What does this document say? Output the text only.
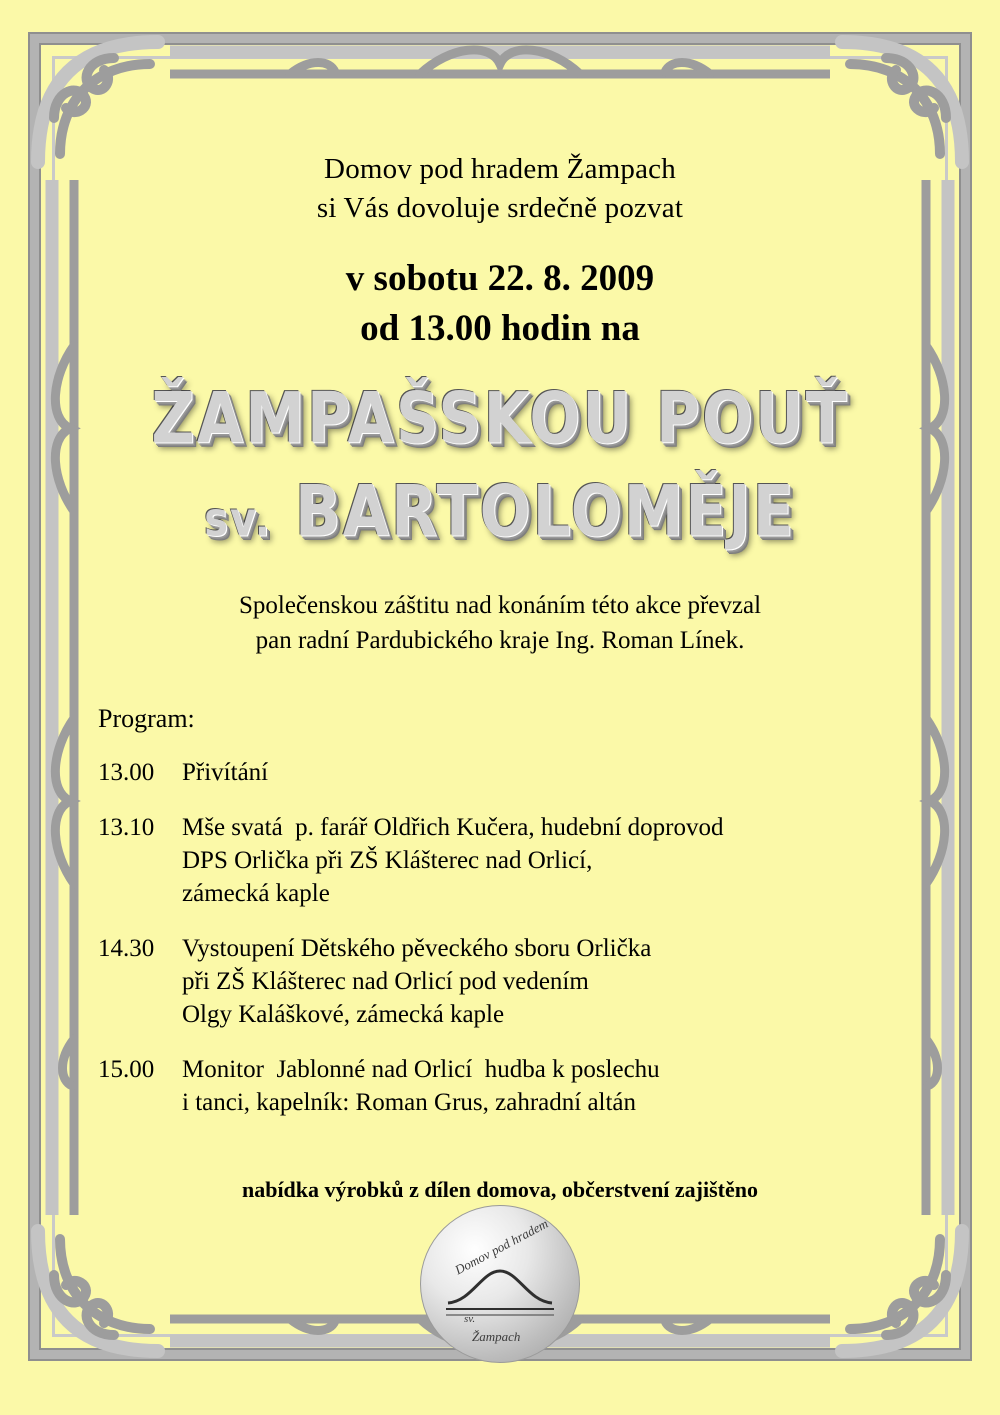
Domov pod hradem Žampach
si Vás dovoluje srdečně pozvat
v sobotu 22. 8. 2009
od 13.00 hodin na
ŽAMPAŠSKOU POUŤ
sv. BARTOLOMĚJE
Společenskou záštitu nad konáním této akce převzal
pan radní Pardubického kraje Ing. Roman Línek.
Program:
13.00	Přivítání
13.10	Mše svatá  p. farář Oldřich Kučera, hudební doprovod
DPS Orlička při ZŠ Klášterec nad Orlicí,
zámecká kaple
14.30	Vystoupení Dětského pěveckého sboru Orlička
při ZŠ Klášterec nad Orlicí pod vedením
Olgy Kaláškové, zámecká kaple
15.00	Monitor  Jablonné nad Orlicí  hudba k poslechu
i tanci, kapelník: Roman Grus, zahradní altán
nabídka výrobků z dílen domova, občerstvení zajištěno
Domov pod hradem
Žampach
sv.
